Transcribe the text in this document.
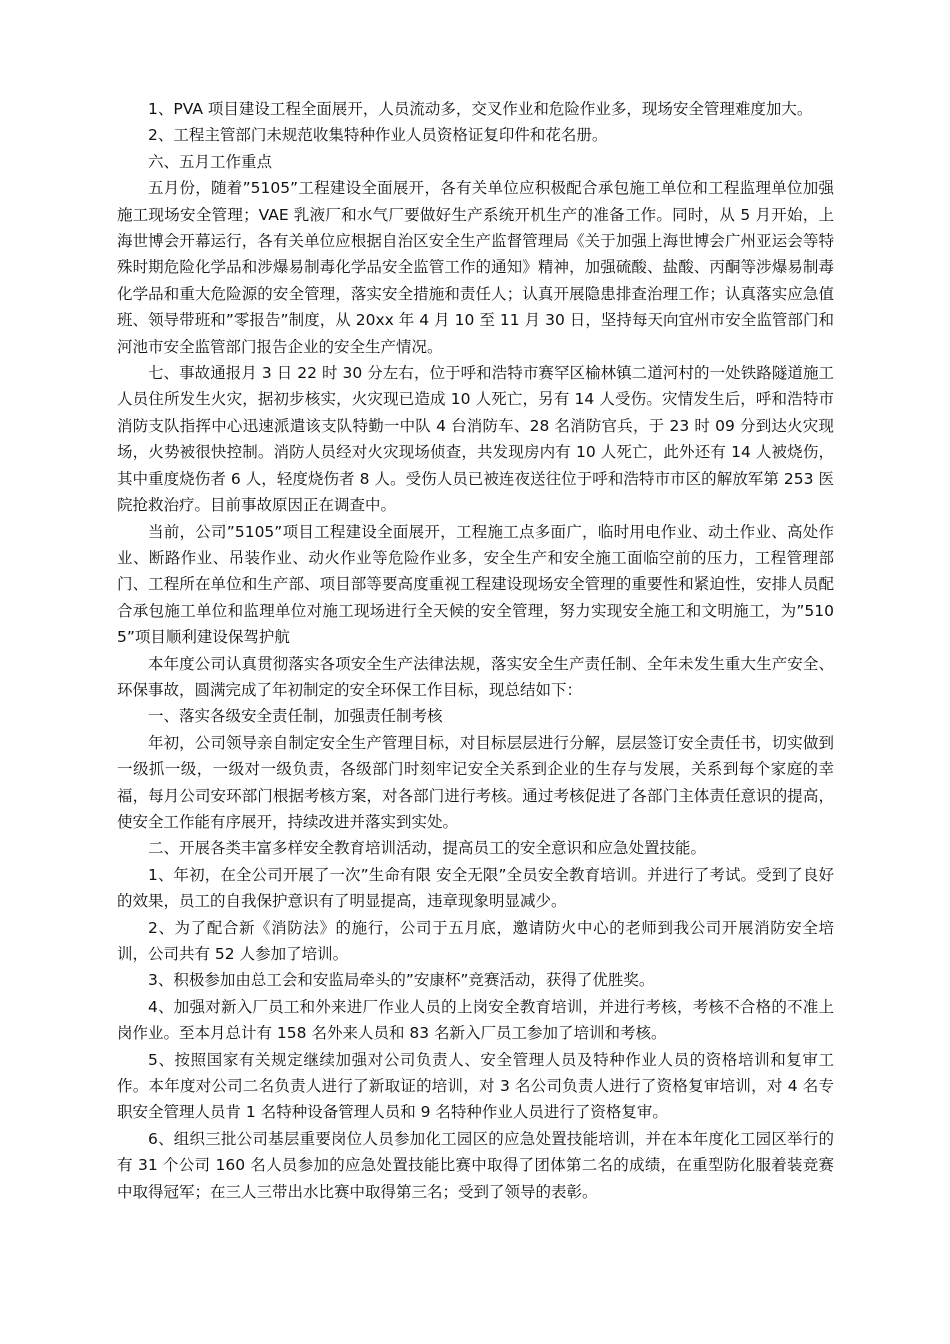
1、PVA 项目建设工程全面展开，人员流动多，交叉作业和危险作业多，现场安全管理难度加大。

2、工程主管部门未规范收集特种作业人员资格证复印件和花名册。

六、五月工作重点

五月份，随着”5105”工程建设全面展开，各有关单位应积极配合承包施工单位和工程监理单位加强施工现场安全管理；VAE 乳液厂和水气厂要做好生产系统开机生产的准备工作。同时，从 5 月开始，上海世博会开幕运行，各有关单位应根据自治区安全生产监督管理局《关于加强上海世博会广州亚运会等特殊时期危险化学品和涉爆易制毒化学品安全监管工作的通知》精神，加强硫酸、盐酸、丙酮等涉爆易制毒化学品和重大危险源的安全管理，落实安全措施和责任人；认真开展隐患排查治理工作；认真落实应急值班、领导带班和”零报告”制度，从 20xx 年 4 月 10 至 11 月 30 日，坚持每天向宜州市安全监管部门和河池市安全监管部门报告企业的安全生产情况。

七、事故通报月 3 日 22 时 30 分左右，位于呼和浩特市赛罕区榆林镇二道河村的一处铁路隧道施工人员住所发生火灾，据初步核实，火灾现已造成 10 人死亡，另有 14 人受伤。灾情发生后，呼和浩特市消防支队指挥中心迅速派遣该支队特勤一中队 4 台消防车、28 名消防官兵，于 23 时 09 分到达火灾现场，火势被很快控制。消防人员经对火灾现场侦查，共发现房内有 10 人死亡，此外还有 14 人被烧伤，其中重度烧伤者 6 人，轻度烧伤者 8 人。受伤人员已被连夜送往位于呼和浩特市市区的解放军第 253 医院抢救治疗。目前事故原因正在调查中。

当前，公司”5105”项目工程建设全面展开，工程施工点多面广，临时用电作业、动土作业、高处作业、断路作业、吊装作业、动火作业等危险作业多，安全生产和安全施工面临空前的压力，工程管理部门、工程所在单位和生产部、项目部等要高度重视工程建设现场安全管理的重要性和紧迫性，安排人员配合承包施工单位和监理单位对施工现场进行全天候的安全管理，努力实现安全施工和文明施工，为”5105”项目顺利建设保驾护航

本年度公司认真贯彻落实各项安全生产法律法规，落实安全生产责任制、全年未发生重大生产安全、环保事故，圆满完成了年初制定的安全环保工作目标，现总结如下：

一、落实各级安全责任制，加强责任制考核

年初，公司领导亲自制定安全生产管理目标，对目标层层进行分解，层层签订安全责任书，切实做到一级抓一级，一级对一级负责，各级部门时刻牢记安全关系到企业的生存与发展，关系到每个家庭的幸福，每月公司安环部门根据考核方案，对各部门进行考核。通过考核促进了各部门主体责任意识的提高，使安全工作能有序展开，持续改进并落实到实处。

二、开展各类丰富多样安全教育培训活动，提高员工的安全意识和应急处置技能。

1、年初，在全公司开展了一次”生命有限 安全无限”全员安全教育培训。并进行了考试。受到了良好的效果，员工的自我保护意识有了明显提高，违章现象明显减少。

2、为了配合新《消防法》的施行，公司于五月底，邀请防火中心的老师到我公司开展消防安全培训，公司共有 52 人参加了培训。

3、积极参加由总工会和安监局牵头的”安康杯”竞赛活动，获得了优胜奖。

4、加强对新入厂员工和外来进厂作业人员的上岗安全教育培训，并进行考核，考核不合格的不准上岗作业。至本月总计有 158 名外来人员和 83 名新入厂员工参加了培训和考核。

5、按照国家有关规定继续加强对公司负责人、安全管理人员及特种作业人员的资格培训和复审工作。本年度对公司二名负责人进行了新取证的培训，对 3 名公司负责人进行了资格复审培训，对 4 名专职安全管理人员肯 1 名特种设备管理人员和 9 名特种作业人员进行了资格复审。

6、组织三批公司基层重要岗位人员参加化工园区的应急处置技能培训，并在本年度化工园区举行的有 31 个公司 160 名人员参加的应急处置技能比赛中取得了团体第二名的成绩，在重型防化服着装竞赛中取得冠军；在三人三带出水比赛中取得第三名；受到了领导的表彰。
